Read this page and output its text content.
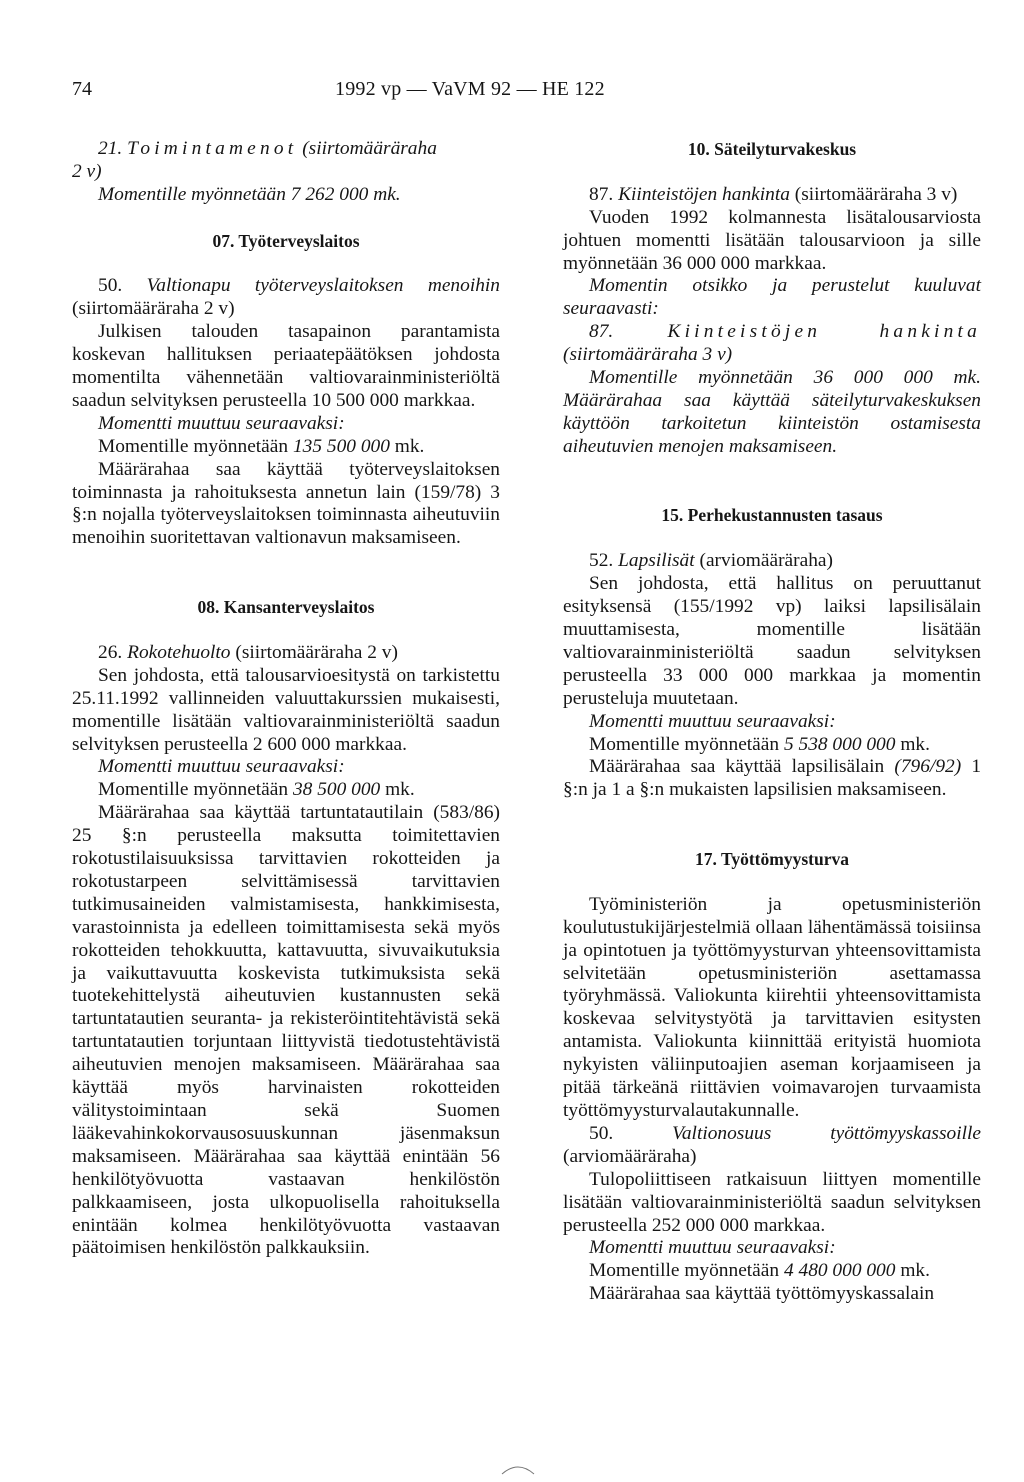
74	1992 vp — VaVM 92 — HE 122

21. Toimintamenot (siirtomääräraha
2 v)

Momentille myönnetään 7 262 000 mk.

07. Työterveyslaitos

50. Valtionapu työterveyslaitoksen menoihin (siirtomääräraha 2 v)

Julkisen talouden tasapainon parantamista koskevan hallituksen periaatepäätöksen johdosta momentilta vähennetään valtiovarainministeriöltä saadun selvityksen perusteella 10 500 000 markkaa.

Momentti muuttuu seuraavaksi:

Momentille myönnetään 135 500 000 mk.

Määrärahaa saa käyttää työterveyslaitoksen toiminnasta ja rahoituksesta annetun lain (159/78) 3 §:n nojalla työterveyslaitoksen toiminnasta aiheutuviin menoihin suoritettavan valtionavun maksamiseen.

08. Kansanterveyslaitos

26. Rokotehuolto (siirtomääräraha 2 v)

Sen johdosta, että talousarvioesitystä on tarkistettu 25.11.1992 vallinneiden valuuttakurssien mukaisesti, momentille lisätään valtiovarainministeriöltä saadun selvityksen perusteella 2 600 000 markkaa.

Momentti muuttuu seuraavaksi:

Momentille myönnetään 38 500 000 mk.

Määrärahaa saa käyttää tartuntatautilain (583/86) 25 §:n perusteella maksutta toimitettavien rokotustilaisuuksissa tarvittavien rokotteiden ja rokotustarpeen selvittämisessä tarvittavien tutkimusaineiden valmistamisesta, hankkimisesta, varastoinnista ja edelleen toimittamisesta sekä myös rokotteiden tehokkuutta, kattavuutta, sivuvaikutuksia ja vaikuttavuutta koskevista tutkimuksista sekä tuotekehittelystä aiheutuvien kustannusten sekä tartuntatautien seuranta- ja rekisteröintitehtävistä sekä tartuntatautien torjuntaan liittyvistä tiedotustehtävistä aiheutuvien menojen maksamiseen. Määrärahaa saa käyttää myös harvinaisten rokotteiden välitystoimintaan sekä Suomen lääkevahinkokorvausosuuskunnan jäsenmaksun maksamiseen. Määrärahaa saa käyttää enintään 56 henkilötyövuotta vastaavan henkilöstön palkkaamiseen, josta ulkopuolisella rahoituksella enintään kolmea henkilötyövuotta vastaavan päätoimisen henkilöstön palkkauksiin.

10. Säteilyturvakeskus

87. Kiinteistöjen hankinta (siirtomääräraha 3 v)

Vuoden 1992 kolmannesta lisätalousarviosta johtuen momentti lisätään talousarvioon ja sille myönnetään 36 000 000 markkaa.

Momentin otsikko ja perustelut kuuluvat seuraavasti:

87.	Kiinteistöjen hankinta (siirtomääräraha 3 v)

Momentille myönnetään 36 000 000 mk. Määrärahaa saa käyttää säteilyturvakeskuksen käyttöön tarkoitetun kiinteistön ostamisesta aiheutuvien menojen maksamiseen.

15. Perhekustannusten tasaus

52. Lapsilisät (arviomääräraha)

Sen johdosta, että hallitus on peruuttanut esityksensä (155/1992 vp) laiksi lapsilisälain muuttamisesta, momentille lisätään valtiovarainministeriöltä saadun selvityksen perusteella 33 000 000 markkaa ja momentin perusteluja muutetaan.

Momentti muuttuu seuraavaksi:

Momentille myönnetään 5 538 000 000 mk.

Määrärahaa saa käyttää lapsilisälain (796/92) 1 §:n ja 1 a §:n mukaisten lapsilisien maksamiseen.

17. Työttömyysturva

Työministeriön ja opetusministeriön koulutustukijärjestelmiä ollaan lähentämässä toisiinsa ja opintotuen ja työttömyysturvan yhteensovittamista selvitetään opetusministeriön asettamassa työryhmässä. Valiokunta kiirehtii yhteensovittamista koskevaa selvitystyötä ja tarvittavien esitysten antamista. Valiokunta kiinnittää erityistä huomiota nykyisten väliinputoajien aseman korjaamiseen ja pitää tärkeänä riittävien voimavarojen turvaamista työttömyysturvalautakunnalle.

50.	Valtionosuus työttömyyskassoille (arviomääräraha)

Tulopoliittiseen ratkaisuun liittyen momentille lisätään valtiovarainministeriöltä saadun selvityksen perusteella 252 000 000 markkaa.

Momentti muuttuu seuraavaksi:

Momentille myönnetään 4 480 000 000 mk.

Määrärahaa saa käyttää työttömyyskassalain
